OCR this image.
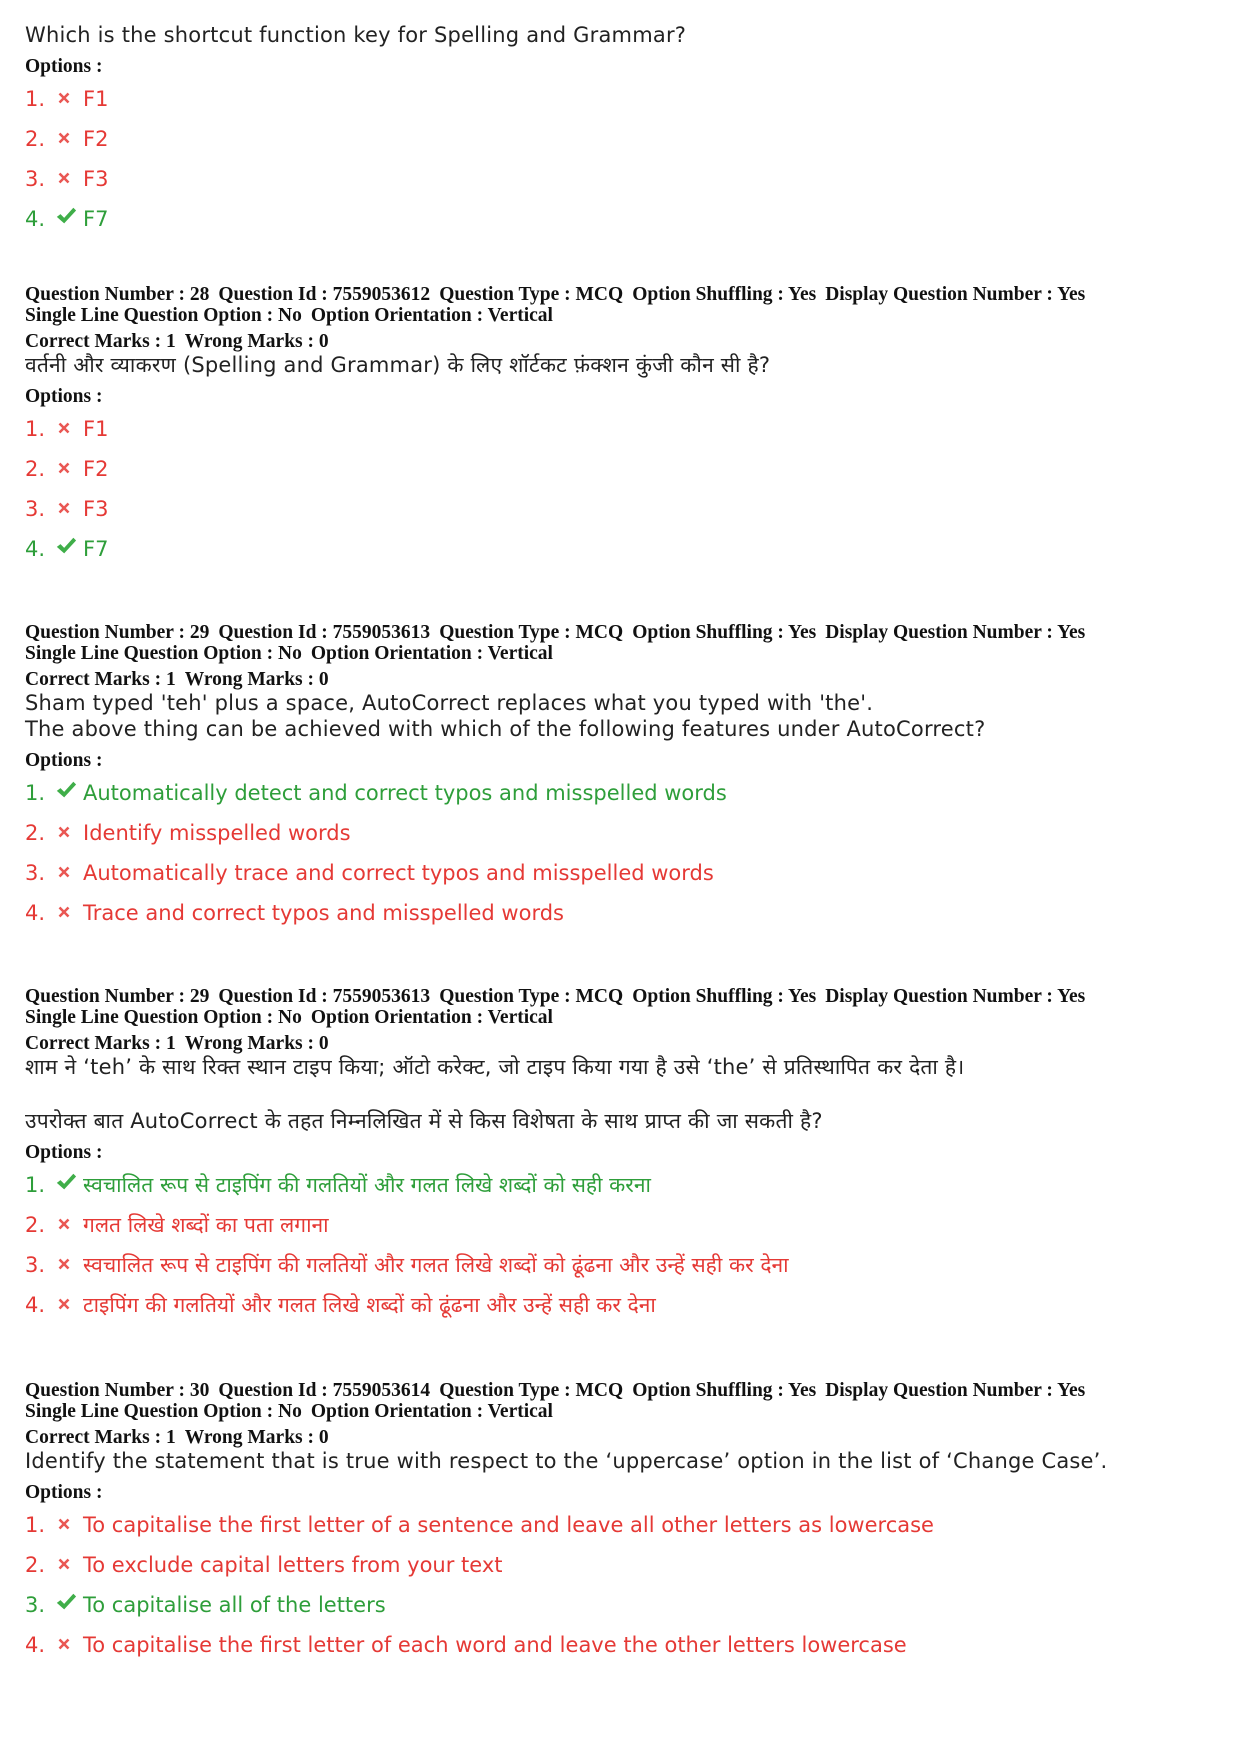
Which is the shortcut function key for Spelling and Grammar?
Options :
1. F1
2. F2
3. F3
4. F7
Question Number : 28 Question Id : 7559053612 Question Type : MCQ Option Shuffling : Yes Display Question Number : Yes
Single Line Question Option : No Option Orientation : Vertical
Correct Marks : 1 Wrong Marks : 0
वर्तनी और व्याकरण (Spelling and Grammar) के लिए शॉर्टकट फ़ंक्शन कुंजी कौन सी है?
Options :
1. F1
2. F2
3. F3
4. F7
Question Number : 29 Question Id : 7559053613 Question Type : MCQ Option Shuffling : Yes Display Question Number : Yes
Single Line Question Option : No Option Orientation : Vertical
Correct Marks : 1 Wrong Marks : 0
Sham typed 'teh' plus a space, AutoCorrect replaces what you typed with 'the'.
The above thing can be achieved with which of the following features under AutoCorrect?
Options :
1. Automatically detect and correct typos and misspelled words
2. Identify misspelled words
3. Automatically trace and correct typos and misspelled words
4. Trace and correct typos and misspelled words
Question Number : 29 Question Id : 7559053613 Question Type : MCQ Option Shuffling : Yes Display Question Number : Yes
Single Line Question Option : No Option Orientation : Vertical
Correct Marks : 1 Wrong Marks : 0
शाम ने ‘teh’ के साथ रिक्त स्थान टाइप किया; ऑटो करेक्ट, जो टाइप किया गया है उसे ‘the’ से प्रतिस्थापित कर देता है।
उपरोक्त बात AutoCorrect के तहत निम्नलिखित में से किस विशेषता के साथ प्राप्त की जा सकती है?
Options :
1. स्वचालित रूप से टाइपिंग की गलतियों और गलत लिखे शब्दों को सही करना
2. गलत लिखे शब्दों का पता लगाना
3. स्वचालित रूप से टाइपिंग की गलतियों और गलत लिखे शब्दों को ढूंढना और उन्हें सही कर देना
4. टाइपिंग की गलतियों और गलत लिखे शब्दों को ढूंढना और उन्हें सही कर देना
Question Number : 30 Question Id : 7559053614 Question Type : MCQ Option Shuffling : Yes Display Question Number : Yes
Single Line Question Option : No Option Orientation : Vertical
Correct Marks : 1 Wrong Marks : 0
Identify the statement that is true with respect to the ‘uppercase’ option in the list of ‘Change Case’.
Options :
1. To capitalise the first letter of a sentence and leave all other letters as lowercase
2. To exclude capital letters from your text
3. To capitalise all of the letters
4. To capitalise the first letter of each word and leave the other letters lowercase
